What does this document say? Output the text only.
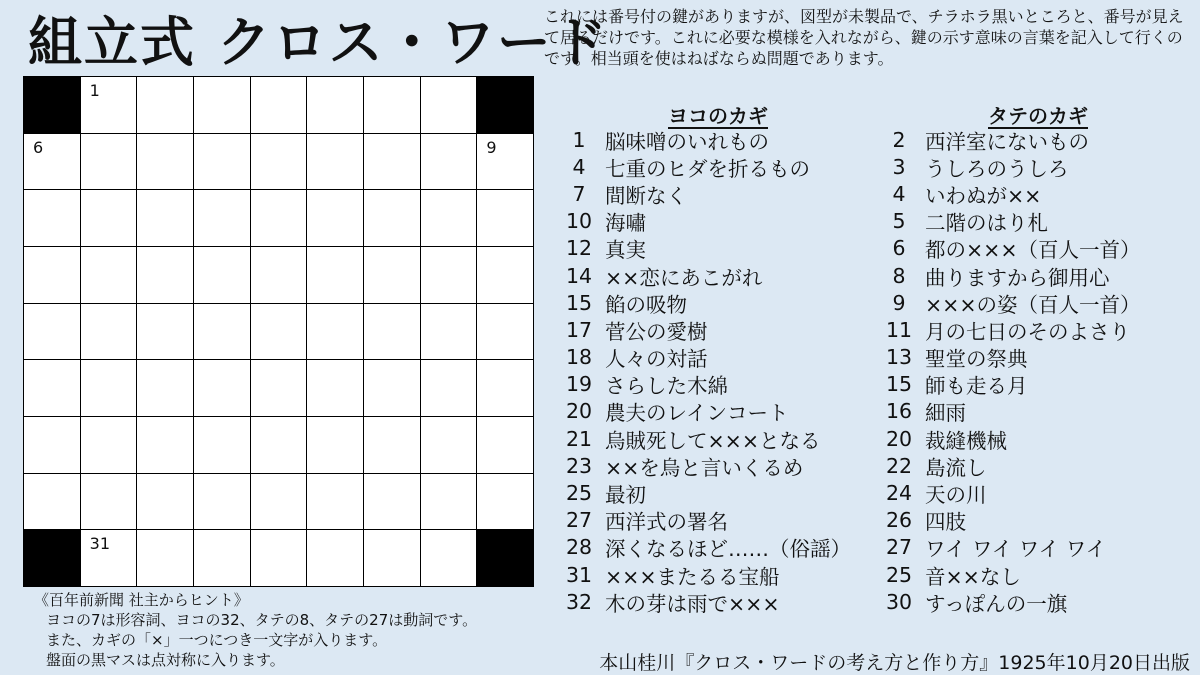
組立式 クロス・ワード
これには番号付の鍵がありますが、図型が未製品で、チラホラ黒いところと、番号が見えて居るだけです。これに必要な模様を入れながら、鍵の示す意味の言葉を記入して行くのです。相当頭を使はねばならぬ問題であります。
1
6	9
31
ヨコのカギ
1 脳味噌のいれもの
4 七重のヒダを折るもの
7 間断なく
10 海嘯
12 真実
14 ××恋にあこがれ
15 餡の吸物
17 菅公の愛樹
18 人々の対話
19 さらした木綿
20 農夫のレインコート
21 烏賊死して×××となる
23 ××を烏と言いくるめ
25 最初
27 西洋式の署名
28 深くなるほど……（俗謡）
31 ×××またるる宝船
32 木の芽は雨で×××
タテのカギ
2 西洋室にないもの
3 うしろのうしろ
4 いわぬが××
5 二階のはり札
6 都の×××（百人一首）
8 曲りますから御用心
9 ×××の姿（百人一首）
11 月の七日のそのよさり
13 聖堂の祭典
15 師も走る月
16 細雨
20 裁縫機械
22 島流し
24 天の川
26 四肢
27 ワイ ワイ ワイ ワイ
25 音××なし
30 すっぽんの一旗
《百年前新聞 社主からヒント》
ヨコの7は形容詞、ヨコの32、タテの8、タテの27は動詞です。
また、カギの「×」一つにつき一文字が入ります。
盤面の黒マスは点対称に入ります。	本山桂川『クロス・ワードの考え方と作り方』1925年10月20日出版
